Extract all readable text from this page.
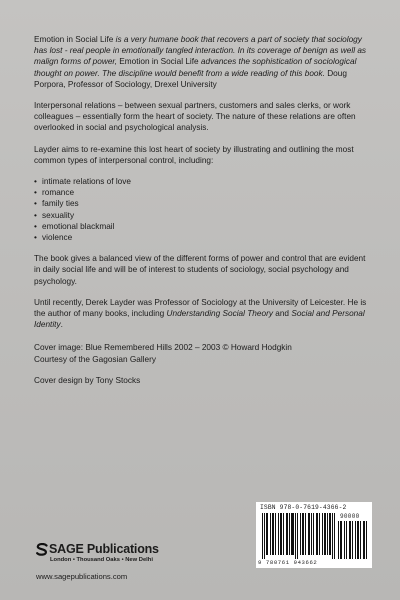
Emotion in Social Life is a very humane book that recovers a part of society that sociology has lost - real people in emotionally tangled interaction. In its coverage of benign as well as malign forms of power, Emotion in Social Life advances the sophistication of sociological thought on power. The discipline would benefit from a wide reading of this book. Doug Porpora, Professor of Sociology, Drexel University

Interpersonal relations – between sexual partners, customers and sales clerks, or work colleagues – essentially form the heart of society. The nature of these relations are often overlooked in social and psychological analysis.

Layder aims to re-examine this lost heart of society by illustrating and outlining the most common types of interpersonal control, including:

• intimate relations of love
• romance
• family ties
• sexuality
• emotional blackmail
• violence

The book gives a balanced view of the different forms of power and control that are evident in daily social life and will be of interest to students of sociology, social psychology and psychology.

Until recently, Derek Layder was Professor of Sociology at the University of Leicester. He is the author of many books, including Understanding Social Theory and Social and Personal Identity.

Cover image: Blue Remembered Hills 2002 – 2003 © Howard Hodgkin

Courtesy of the Gagosian Gallery

Cover design by Tony Stocks

ISBN 978-0-7619-4366-2
90000
9 780761 943662
SAGE Publications
London • Thousand Oaks • New Delhi
www.sagepublications.com
